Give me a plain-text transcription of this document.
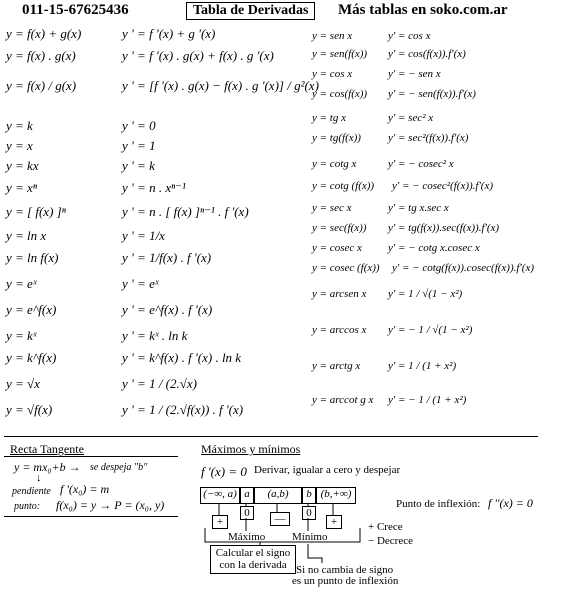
011-15-67625436	Tabla de Derivadas	Más tablas en soko.com.ar
y = f(x) + g(x)	y ' = f '(x) + g '(x)
y = f(x) . g(x)	y ' = f '(x) . g(x) + f(x) . g '(x)
y = f(x) / g(x)	y ' = [f '(x) . g(x) − f(x) . g '(x)] / g²(x)
y = k	y ' = 0
y = x	y ' = 1
y = kx	y ' = k
y = xⁿ	y ' = n . xⁿ⁻¹
y = [ f(x) ]ⁿ	y ' = n . [ f(x) ]ⁿ⁻¹ . f '(x)
y = ln x	y ' = 1/x
y = ln f(x)	y ' = 1/f(x) . f '(x)
y = eˣ	y ' = eˣ
y = e^f(x)	y ' = e^f(x) . f '(x)
y = kˣ	y ' = kˣ . ln k
y = k^f(x)	y ' = k^f(x) . f '(x) . ln k
y = √x	y ' = 1 / (2.√x)
y = √f(x)	y ' = 1 / (2.√f(x)) . f '(x)
y = sen x	y' = cos x
y = sen(f(x)) y' = cos(f(x)).f'(x)
y = cos x	y' = − sen x
y = cos(f(x)) y' = − sen(f(x)).f'(x)
y = tg x	y' = sec² x
y = tg(f(x)) y' = sec²(f(x)).f'(x)
y = cotg x	y' = − cosec² x
y = cotg (f(x)) y' = − cosec²(f(x)).f'(x)
y = sec x	y' = tg x.sec x
y = sec(f(x)) y' = tg(f(x)).sec(f(x)).f'(x)
y = cosec x y' = − cotg x.cosec x
y = cosec (f(x)) y' = − cotg(f(x)).cosec(f(x)).f'(x)
y = arcsen x y' = 1 / √(1 − x²)
y = arccos x y' = − 1 / √(1 − x²)
y = arctg x	y' = 1 / (1 + x²)
y = arccot g x y' = − 1 / (1 + x²)
Recta Tangente
y = mx₀+b → se despeja "b"
↓
pendiente f '(x₀) = m
punto: f(x₀) = y → P = (x₀, y)
Máximos y mínimos
f '(x) = 0 Derivar, igualar a cero y despejar
Punto de inflexión: f ''(x) = 0
+ Crece
− Decrece
(−∞, a) a	(a,b)	b (b,+∞)
+
0	—	0
+
Máximo Mínimo
Calcular el signo
con la derivada Si no cambia de signo
es un punto de inflexión
